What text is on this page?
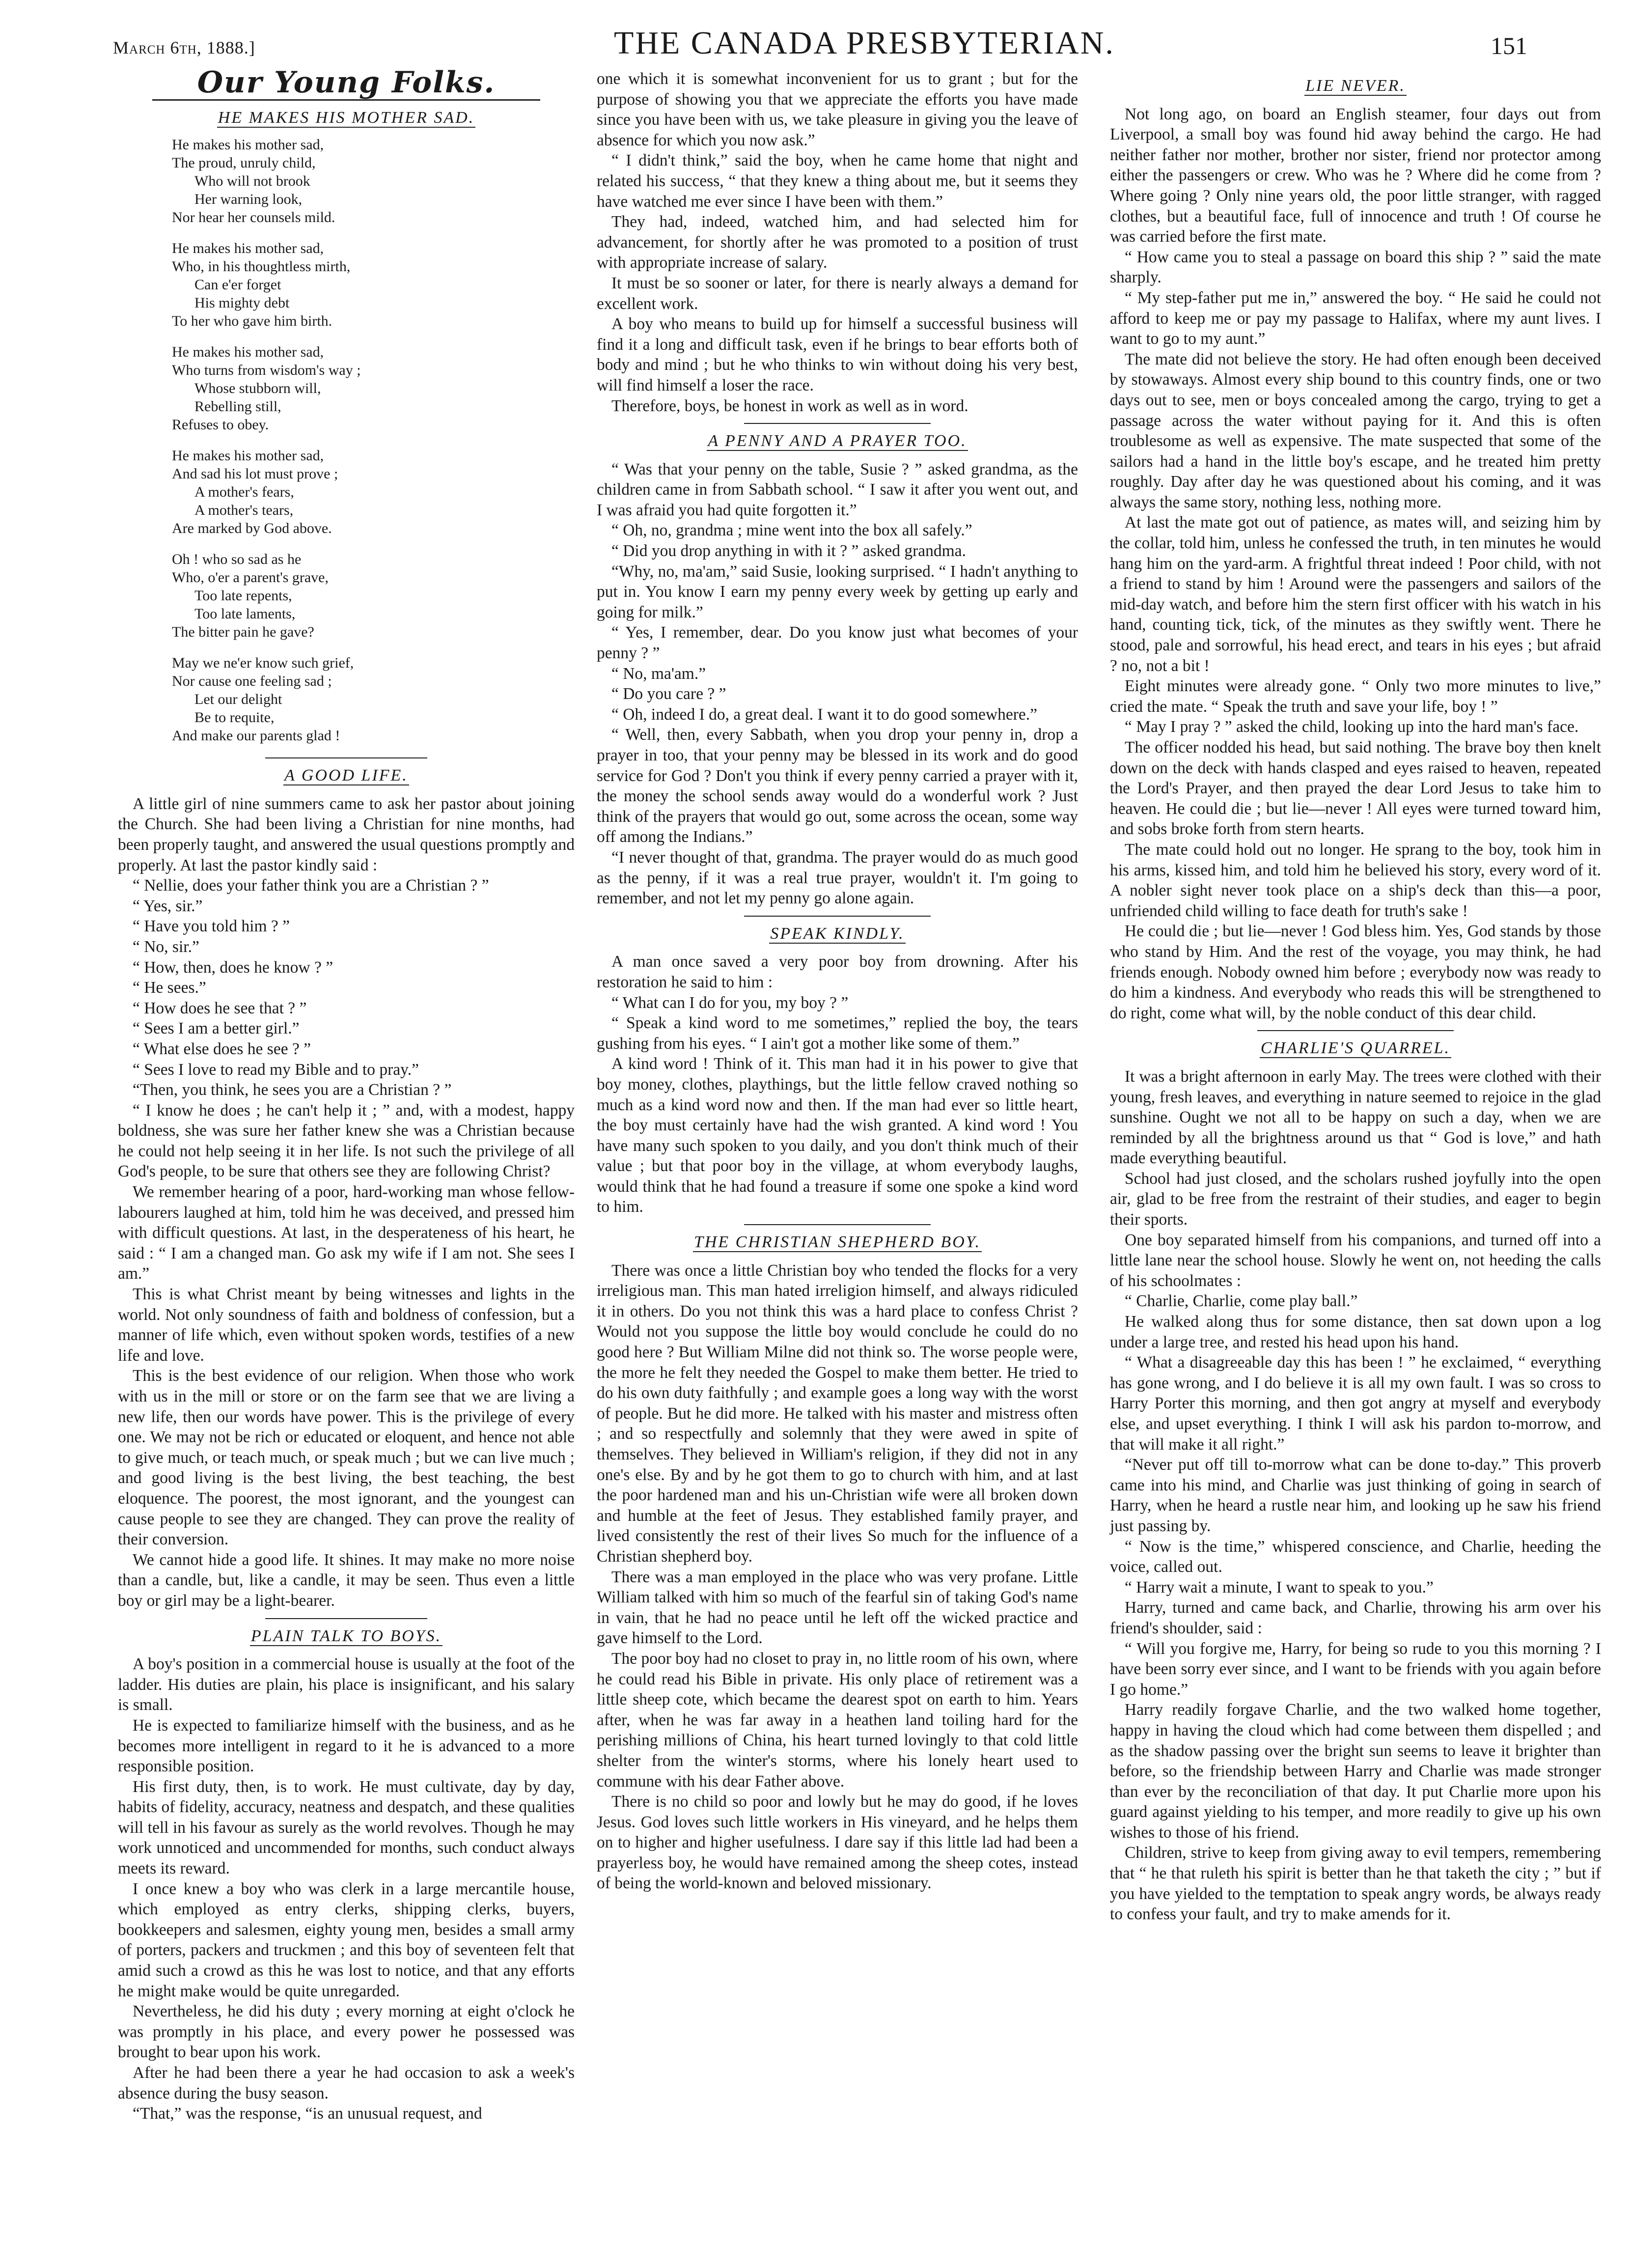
March 6th, 1888.]	THE CANADA PRESBYTERIAN.	151
Our Young Folks.
HE MAKES HIS MOTHER SAD.
He makes his mother sad,
The proud, unruly child,
Who will not brook
Her warning look,
Nor hear her counsels mild.
He makes his mother sad,
Who, in his thoughtless mirth,
Can e'er forget
His mighty debt
To her who gave him birth.
He makes his mother sad,
Who turns from wisdom's way ;
Whose stubborn will,
Rebelling still,
Refuses to obey.
He makes his mother sad,
And sad his lot must prove ;
A mother's fears,
A mother's tears,
Are marked by God above.
Oh ! who so sad as he
Who, o'er a parent's grave,
Too late repents,
Too late laments,
The bitter pain he gave?
May we ne'er know such grief,
Nor cause one feeling sad ;
Let our delight
Be to requite,
And make our parents glad !
A GOOD LIFE.

A little girl of nine summers came to ask her pastor about joining the Church. She had been living a Christian for nine months, had been properly taught, and answered the usual questions promptly and properly. At last the pastor kindly said :

“ Nellie, does your father think you are a Christian ? ”

“ Yes, sir.”

“ Have you told him ? ”

“ No, sir.”

“ How, then, does he know ? ”

“ He sees.”

“ How does he see that ? ”

“ Sees I am a better girl.”

“ What else does he see ? ”

“ Sees I love to read my Bible and to pray.”

“Then, you think, he sees you are a Christian ? ”

“ I know he does ; he can't help it ; ” and, with a modest, happy boldness, she was sure her father knew she was a Christian because he could not help seeing it in her life. Is not such the privilege of all God's people, to be sure that others see they are following Christ?

We remember hearing of a poor, hard-working man whose fellow-labourers laughed at him, told him he was deceived, and pressed him with difficult questions. At last, in the desperateness of his heart, he said : “ I am a changed man. Go ask my wife if I am not. She sees I am.”

This is what Christ meant by being witnesses and lights in the world. Not only soundness of faith and boldness of confession, but a manner of life which, even without spoken words, testifies of a new life and love.

This is the best evidence of our religion. When those who work with us in the mill or store or on the farm see that we are living a new life, then our words have power. This is the privilege of every one. We may not be rich or educated or eloquent, and hence not able to give much, or teach much, or speak much ; but we can live much ; and good living is the best living, the best teaching, the best eloquence. The poorest, the most ignorant, and the youngest can cause people to see they are changed. They can prove the reality of their conversion.

We cannot hide a good life. It shines. It may make no more noise than a candle, but, like a candle, it may be seen. Thus even a little boy or girl may be a light-bearer.

PLAIN TALK TO BOYS.

A boy's position in a commercial house is usually at the foot of the ladder. His duties are plain, his place is insignificant, and his salary is small.

He is expected to familiarize himself with the business, and as he becomes more intelligent in regard to it he is advanced to a more responsible position.

His first duty, then, is to work. He must cultivate, day by day, habits of fidelity, accuracy, neatness and despatch, and these qualities will tell in his favour as surely as the world revolves. Though he may work unnoticed and uncommended for months, such conduct always meets its reward.

I once knew a boy who was clerk in a large mercantile house, which employed as entry clerks, shipping clerks, buyers, bookkeepers and salesmen, eighty young men, besides a small army of porters, packers and truckmen ; and this boy of seventeen felt that amid such a crowd as this he was lost to notice, and that any efforts he might make would be quite unregarded.

Nevertheless, he did his duty ; every morning at eight o'clock he was promptly in his place, and every power he possessed was brought to bear upon his work.

After he had been there a year he had occasion to ask a week's absence during the busy season.

“That,” was the response, “is an unusual request, and

one which it is somewhat inconvenient for us to grant ; but for the purpose of showing you that we appreciate the efforts you have made since you have been with us, we take pleasure in giving you the leave of absence for which you now ask.”

“ I didn't think,” said the boy, when he came home that night and related his success, “ that they knew a thing about me, but it seems they have watched me ever since I have been with them.”

They had, indeed, watched him, and had selected him for advancement, for shortly after he was promoted to a position of trust with appropriate increase of salary.

It must be so sooner or later, for there is nearly always a demand for excellent work.

A boy who means to build up for himself a successful business will find it a long and difficult task, even if he brings to bear efforts both of body and mind ; but he who thinks to win without doing his very best, will find himself a loser the race.

Therefore, boys, be honest in work as well as in word.

A PENNY AND A PRAYER TOO.

“ Was that your penny on the table, Susie ? ” asked grandma, as the children came in from Sabbath school. “ I saw it after you went out, and I was afraid you had quite forgotten it.”

“ Oh, no, grandma ; mine went into the box all safely.”

“ Did you drop anything in with it ? ” asked grandma.

“Why, no, ma'am,” said Susie, looking surprised. “ I hadn't anything to put in. You know I earn my penny every week by getting up early and going for milk.”

“ Yes, I remember, dear. Do you know just what becomes of your penny ? ”

“ No, ma'am.”

“ Do you care ? ”

“ Oh, indeed I do, a great deal. I want it to do good somewhere.”

“ Well, then, every Sabbath, when you drop your penny in, drop a prayer in too, that your penny may be blessed in its work and do good service for God ? Don't you think if every penny carried a prayer with it, the money the school sends away would do a wonderful work ? Just think of the prayers that would go out, some across the ocean, some way off among the Indians.”

“I never thought of that, grandma. The prayer would do as much good as the penny, if it was a real true prayer, wouldn't it. I'm going to remember, and not let my penny go alone again.

SPEAK KINDLY.

A man once saved a very poor boy from drowning. After his restoration he said to him :

“ What can I do for you, my boy ? ”

“ Speak a kind word to me sometimes,” replied the boy, the tears gushing from his eyes. “ I ain't got a mother like some of them.”

A kind word ! Think of it. This man had it in his power to give that boy money, clothes, playthings, but the little fellow craved nothing so much as a kind word now and then. If the man had ever so little heart, the boy must certainly have had the wish granted. A kind word ! You have many such spoken to you daily, and you don't think much of their value ; but that poor boy in the village, at whom everybody laughs, would think that he had found a treasure if some one spoke a kind word to him.

THE CHRISTIAN SHEPHERD BOY.

There was once a little Christian boy who tended the flocks for a very irreligious man. This man hated irreligion himself, and always ridiculed it in others. Do you not think this was a hard place to confess Christ ? Would not you suppose the little boy would conclude he could do no good here ? But William Milne did not think so. The worse people were, the more he felt they needed the Gospel to make them better. He tried to do his own duty faithfully ; and example goes a long way with the worst of people. But he did more. He talked with his master and mistress often ; and so respectfully and solemnly that they were awed in spite of themselves. They believed in William's religion, if they did not in any one's else. By and by he got them to go to church with him, and at last the poor hardened man and his un-Christian wife were all broken down and humble at the feet of Jesus. They established family prayer, and lived consistently the rest of their lives So much for the influence of a Christian shepherd boy.

There was a man employed in the place who was very profane. Little William talked with him so much of the fearful sin of taking God's name in vain, that he had no peace until he left off the wicked practice and gave himself to the Lord.

The poor boy had no closet to pray in, no little room of his own, where he could read his Bible in private. His only place of retirement was a little sheep cote, which became the dearest spot on earth to him. Years after, when he was far away in a heathen land toiling hard for the perishing millions of China, his heart turned lovingly to that cold little shelter from the winter's storms, where his lonely heart used to commune with his dear Father above.

There is no child so poor and lowly but he may do good, if he loves Jesus. God loves such little workers in His vineyard, and he helps them on to higher and higher usefulness. I dare say if this little lad had been a prayerless boy, he would have remained among the sheep cotes, instead of being the world-known and beloved missionary.

LIE NEVER.

Not long ago, on board an English steamer, four days out from Liverpool, a small boy was found hid away behind the cargo. He had neither father nor mother, brother nor sister, friend nor protector among either the passengers or crew. Who was he ? Where did he come from ? Where going ? Only nine years old, the poor little stranger, with ragged clothes, but a beautiful face, full of innocence and truth ! Of course he was carried before the first mate.

“ How came you to steal a passage on board this ship ? ” said the mate sharply.

“ My step-father put me in,” answered the boy. “ He said he could not afford to keep me or pay my passage to Halifax, where my aunt lives. I want to go to my aunt.”

The mate did not believe the story. He had often enough been deceived by stowaways. Almost every ship bound to this country finds, one or two days out to see, men or boys concealed among the cargo, trying to get a passage across the water without paying for it. And this is often troublesome as well as expensive. The mate suspected that some of the sailors had a hand in the little boy's escape, and he treated him pretty roughly. Day after day he was questioned about his coming, and it was always the same story, nothing less, nothing more.

At last the mate got out of patience, as mates will, and seizing him by the collar, told him, unless he confessed the truth, in ten minutes he would hang him on the yard-arm. A frightful threat indeed ! Poor child, with not a friend to stand by him ! Around were the passengers and sailors of the mid-day watch, and before him the stern first officer with his watch in his hand, counting tick, tick, of the minutes as they swiftly went. There he stood, pale and sorrowful, his head erect, and tears in his eyes ; but afraid ? no, not a bit !

Eight minutes were already gone. “ Only two more minutes to live,” cried the mate. “ Speak the truth and save your life, boy ! ”

“ May I pray ? ” asked the child, looking up into the hard man's face.

The officer nodded his head, but said nothing. The brave boy then knelt down on the deck with hands clasped and eyes raised to heaven, repeated the Lord's Prayer, and then prayed the dear Lord Jesus to take him to heaven. He could die ; but lie—never ! All eyes were turned toward him, and sobs broke forth from stern hearts.

The mate could hold out no longer. He sprang to the boy, took him in his arms, kissed him, and told him he believed his story, every word of it. A nobler sight never took place on a ship's deck than this—a poor, unfriended child willing to face death for truth's sake !

He could die ; but lie—never ! God bless him. Yes, God stands by those who stand by Him. And the rest of the voyage, you may think, he had friends enough. Nobody owned him before ; everybody now was ready to do him a kindness. And everybody who reads this will be strengthened to do right, come what will, by the noble conduct of this dear child.

CHARLIE'S QUARREL.

It was a bright afternoon in early May. The trees were clothed with their young, fresh leaves, and everything in nature seemed to rejoice in the glad sunshine. Ought we not all to be happy on such a day, when we are reminded by all the brightness around us that “ God is love,” and hath made everything beautiful.

School had just closed, and the scholars rushed joyfully into the open air, glad to be free from the restraint of their studies, and eager to begin their sports.

One boy separated himself from his companions, and turned off into a little lane near the school house. Slowly he went on, not heeding the calls of his schoolmates :

“ Charlie, Charlie, come play ball.”

He walked along thus for some distance, then sat down upon a log under a large tree, and rested his head upon his hand.

“ What a disagreeable day this has been ! ” he exclaimed, “ everything has gone wrong, and I do believe it is all my own fault. I was so cross to Harry Porter this morning, and then got angry at myself and everybody else, and upset everything. I think I will ask his pardon to-morrow, and that will make it all right.”

“Never put off till to-morrow what can be done to-day.” This proverb came into his mind, and Charlie was just thinking of going in search of Harry, when he heard a rustle near him, and looking up he saw his friend just passing by.

“ Now is the time,” whispered conscience, and Charlie, heeding the voice, called out.

“ Harry wait a minute, I want to speak to you.”

Harry, turned and came back, and Charlie, throwing his arm over his friend's shoulder, said :

“ Will you forgive me, Harry, for being so rude to you this morning ? I have been sorry ever since, and I want to be friends with you again before I go home.”

Harry readily forgave Charlie, and the two walked home together, happy in having the cloud which had come between them dispelled ; and as the shadow passing over the bright sun seems to leave it brighter than before, so the friendship between Harry and Charlie was made stronger than ever by the reconciliation of that day. It put Charlie more upon his guard against yielding to his temper, and more readily to give up his own wishes to those of his friend.

Children, strive to keep from giving away to evil tempers, remembering that “ he that ruleth his spirit is better than he that taketh the city ; ” but if you have yielded to the temptation to speak angry words, be always ready to confess your fault, and try to make amends for it.
